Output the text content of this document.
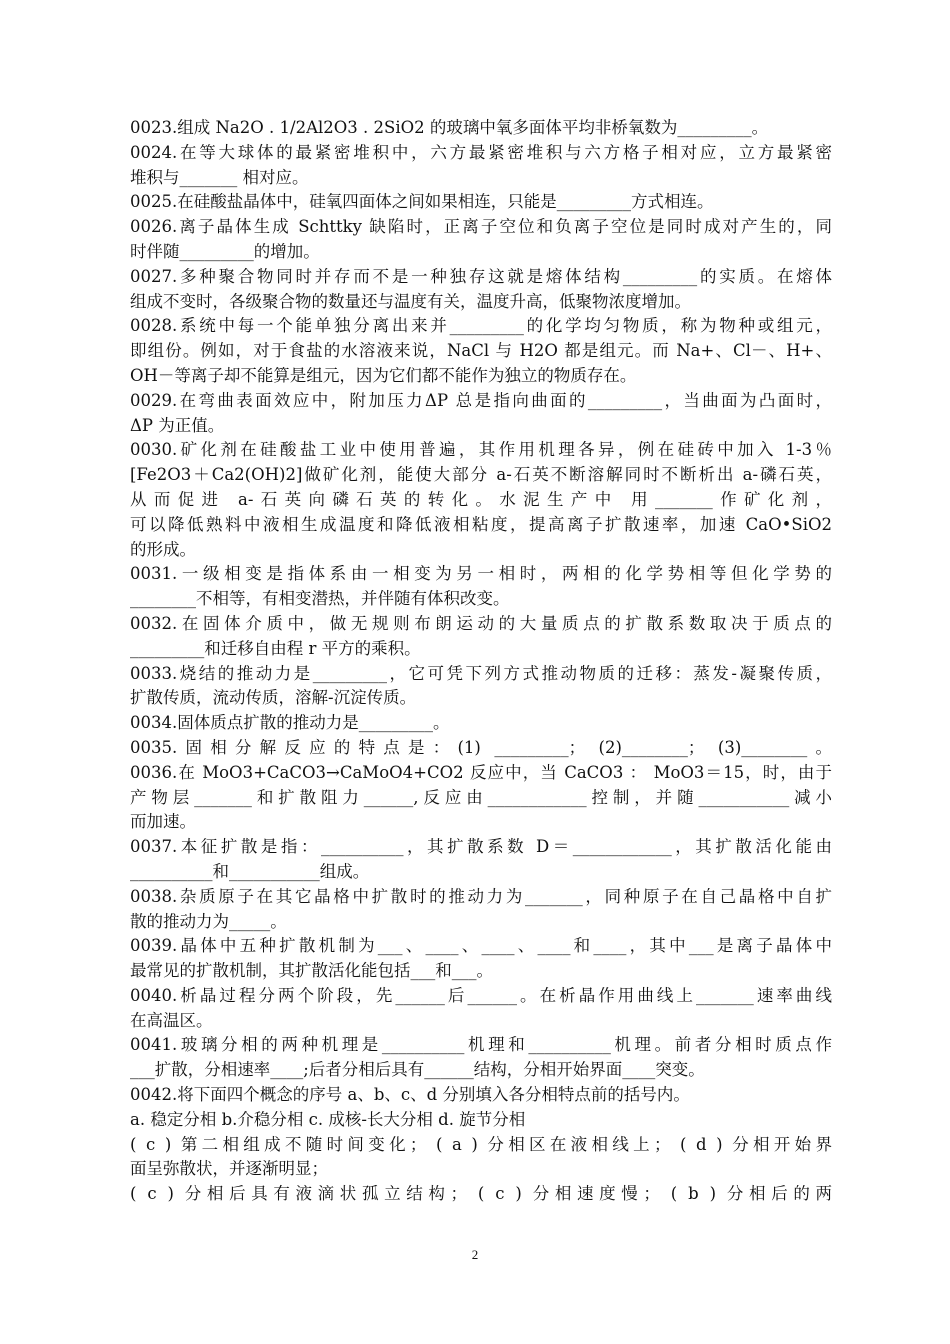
0023.组成 Na2O . 1/2Al2O3 . 2SiO2 的玻璃中氧多面体平均非桥氧数为_________。
0024.在等大球体的最紧密堆积中，六方最紧密堆积与六方格子相对应，立方最紧密
堆积与_______ 相对应。
0025.在硅酸盐晶体中，硅氧四面体之间如果相连，只能是_________方式相连。
0026.离子晶体生成 Schttky 缺陷时，正离子空位和负离子空位是同时成对产生的，同
时伴随_________的增加。
0027.多种聚合物同时并存而不是一种独存这就是熔体结构_________的实质。在熔体
组成不变时，各级聚合物的数量还与温度有关，温度升高，低聚物浓度增加。
0028.系统中每一个能单独分离出来并_________的化学均匀物质，称为物种或组元，
即组份。例如，对于食盐的水溶液来说，NaCl 与 H2O 都是组元。而 Na+、Cl－、H+、
OH－等离子却不能算是组元，因为它们都不能作为独立的物质存在。
0029.在弯曲表面效应中，附加压力ΔP 总是指向曲面的_________，当曲面为凸面时，
ΔP 为正值。
0030.矿化剂在硅酸盐工业中使用普遍，其作用机理各异，例在硅砖中加入 1-3％
[Fe2O3＋Ca2(OH)2]做矿化剂，能使大部分 a-石英不断溶解同时不断析出 a-磷石英，
从而促进 a-石英向磷石英的转化。水泥生产中 用_______作矿化剂，
可以降低熟料中液相生成温度和降低液相粘度，提高离子扩散速率，加速 CaO•SiO2
的形成。
0031.一级相变是指体系由一相变为另一相时，两相的化学势相等但化学势的
________不相等，有相变潜热，并伴随有体积改变。
0032.在固体介质中，做无规则布朗运动的大量质点的扩散系数取决于质点的
_________和迁移自由程 r 平方的乘积。
0033.烧结的推动力是_________，它可凭下列方式推动物质的迁移：蒸发-凝聚传质，
扩散传质，流动传质，溶解-沉淀传质。
0034.固体质点扩散的推动力是_________。
0035.固相分解反应的特点是：(1) _________； (2)________； (3)________。
0036.在 MoO3+CaCO3→CaMoO4+CO2 反应中，当 CaCO3 ： MoO3＝15，时，由于
产物层_______和扩散阻力______,反应由____________控制，并随___________减小
而加速。
0037.本征扩散是指：__________，其扩散系数 D＝____________，其扩散活化能由
__________和___________组成。
0038.杂质原子在其它晶格中扩散时的推动力为_______，同种原子在自己晶格中自扩
散的推动力为_____。
0039.晶体中五种扩散机制为___、____、____、____和____，其中___是离子晶体中
最常见的扩散机制，其扩散活化能包括___和___。
0040.析晶过程分两个阶段，先______后______。在析晶作用曲线上_______速率曲线
在高温区。
0041.玻璃分相的两种机理是__________机理和__________机理。前者分相时质点作
___扩散，分相速率____;后者分相后具有______结构，分相开始界面____突变。
0042.将下面四个概念的序号 a、b、c、d 分别填入各分相特点前的括号内。
a. 稳定分相 b.介稳分相 c. 成核-长大分相 d. 旋节分相
( c ) 第二相组成不随时间变化； ( a ) 分相区在液相线上； ( d ) 分相开始界
面呈弥散状，并逐渐明显；
( c ) 分相后具有液滴状孤立结构； ( c ) 分相速度慢； ( b ) 分相后的两
2
